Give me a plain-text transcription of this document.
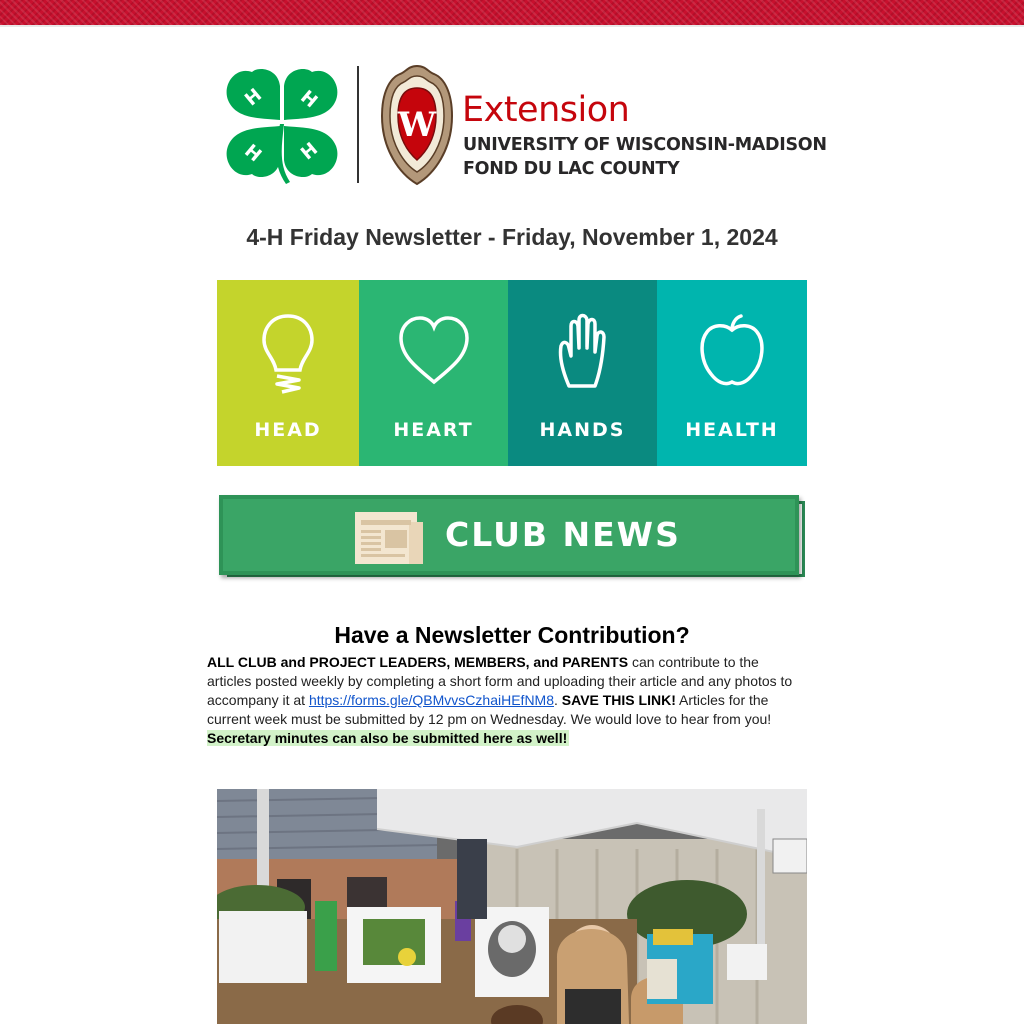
H H
H H
W Extension
UNIVERSITY OF WISCONSIN-MADISON
FOND DU LAC COUNTY
4-H Friday Newsletter - Friday, November 1, 2024
HEAD	HEART	HANDS	HEALTH
CLUB NEWS
Have a Newsletter Contribution?
ALL CLUB and PROJECT LEADERS, MEMBERS, and PARENTS can contribute to the articles posted weekly by completing a short form and uploading their article and any photos to accompany it at https://forms.gle/QBMvvsCzhaiHEfNM8. SAVE THIS LINK! Articles for the current week must be submitted by 12 pm on Wednesday. We would love to hear from you!
Secretary minutes can also be submitted here as well!
